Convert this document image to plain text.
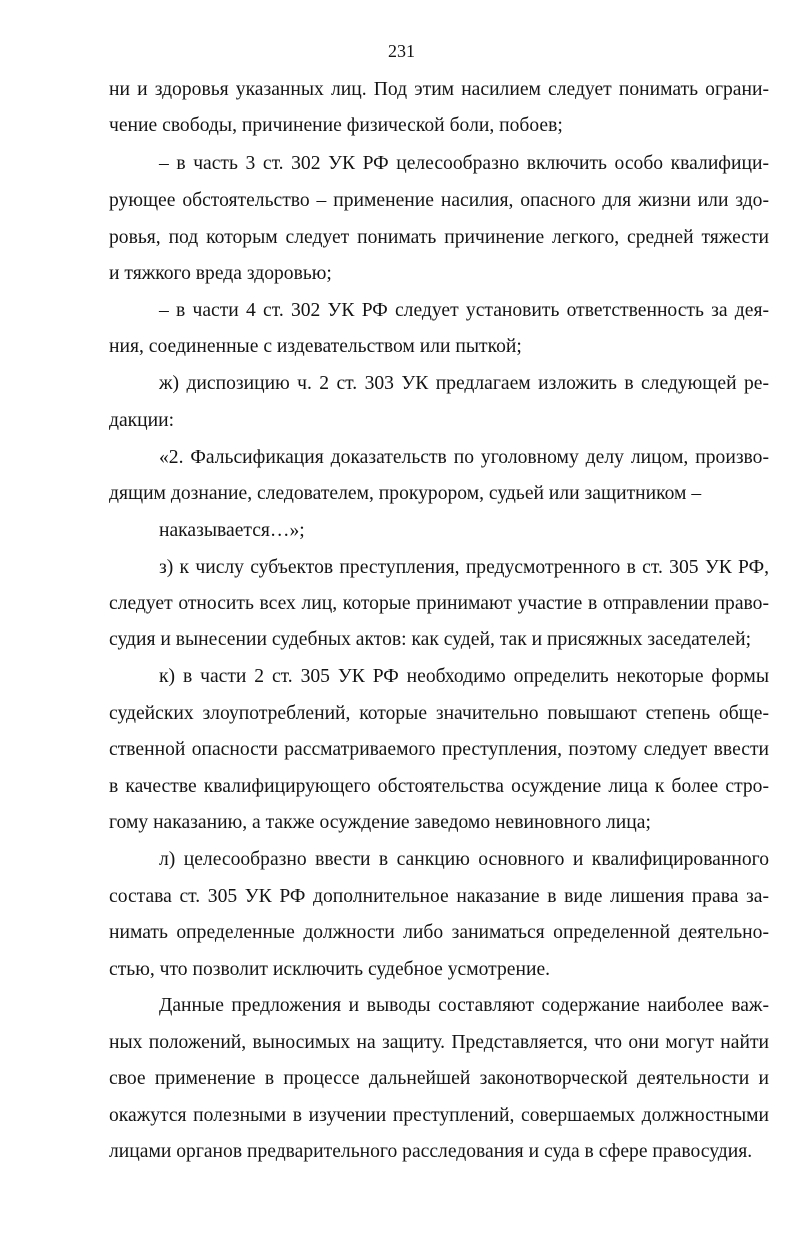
231
ни и здоровья указанных лиц. Под этим насилием следует понимать ограни-
чение свободы, причинение физической боли, побоев;
– в часть 3 ст. 302 УК РФ целесообразно включить особо квалифици-
рующее обстоятельство – применение насилия, опасного для жизни или здо-
ровья, под которым следует понимать причинение легкого, средней тяжести
и тяжкого вреда здоровью;
– в части 4 ст. 302 УК РФ следует установить ответственность за дея-
ния, соединенные с издевательством или пыткой;
ж) диспозицию ч. 2 ст. 303 УК предлагаем изложить в следующей ре-
дакции:
«2. Фальсификация доказательств по уголовному делу лицом, произво-
дящим дознание, следователем, прокурором, судьей или защитником –
наказывается…»;
з) к числу субъектов преступления, предусмотренного в ст. 305 УК РФ,
следует относить всех лиц, которые принимают участие в отправлении право-
судия и вынесении судебных актов: как судей, так и присяжных заседателей;
к) в части 2 ст. 305 УК РФ необходимо определить некоторые формы
судейских злоупотреблений, которые значительно повышают степень обще-
ственной опасности рассматриваемого преступления, поэтому следует ввести
в качестве квалифицирующего обстоятельства осуждение лица к более стро-
гому наказанию, а также осуждение заведомо невиновного лица;
л) целесообразно ввести в санкцию основного и квалифицированного
состава ст. 305 УК РФ дополнительное наказание в виде лишения права за-
нимать определенные должности либо заниматься определенной деятельно-
стью, что позволит исключить судебное усмотрение.
Данные предложения и выводы составляют содержание наиболее важ-
ных положений, выносимых на защиту. Представляется, что они могут найти
свое применение в процессе дальнейшей законотворческой деятельности и
окажутся полезными в изучении преступлений, совершаемых должностными
лицами органов предварительного расследования и суда в сфере правосудия.
